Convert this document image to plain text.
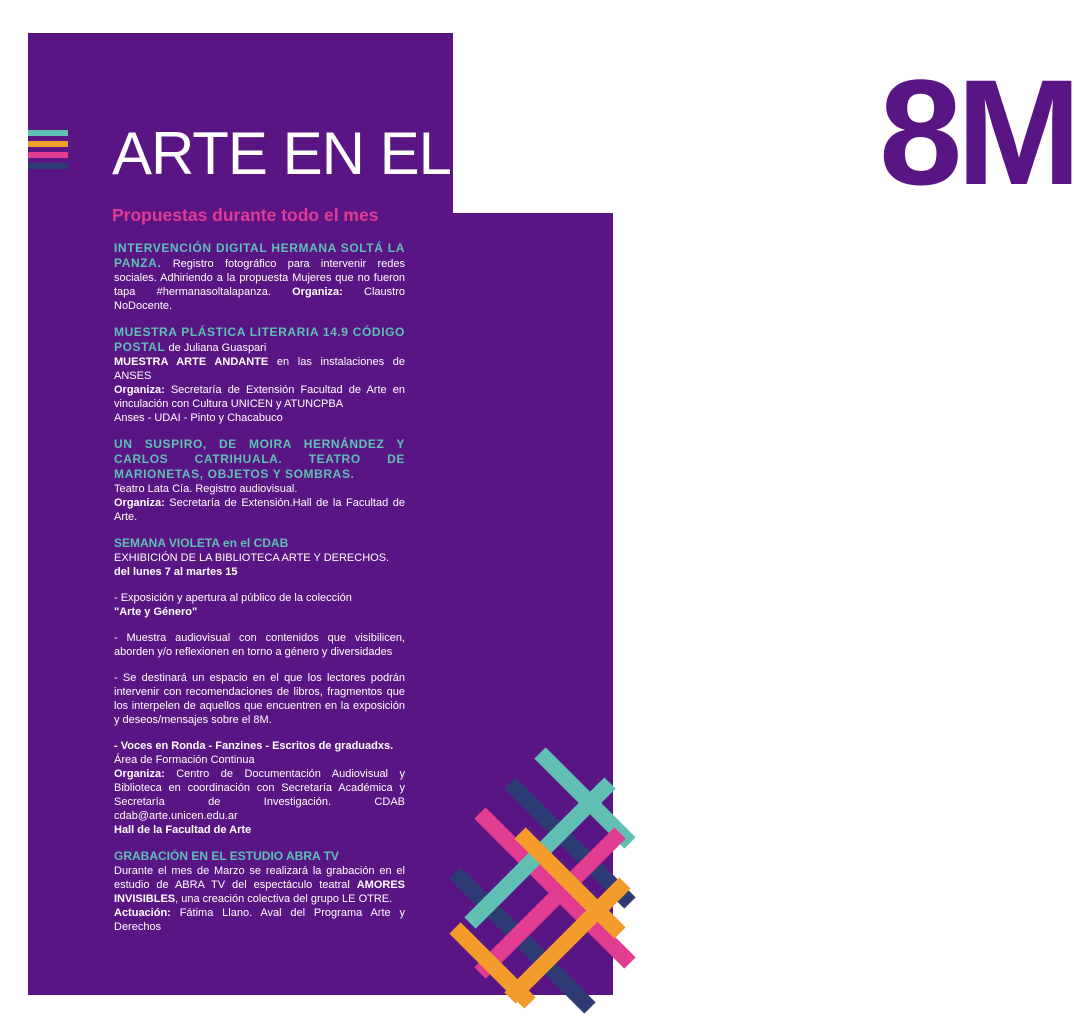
8M
ARTE EN EL
Propuestas durante todo el mes
INTERVENCIÓN DIGITAL HERMANA SOLTÁ LA PANZA. Registro fotográfico para intervenir redes sociales. Adhiriendo a la propuesta Mujeres que no fueron tapa #hermanasoltalapanza. Organiza: Claustro NoDocente.
MUESTRA PLÁSTICA LITERARIA 14.9 CÓDIGO POSTAL de Juliana Guaspari
MUESTRA ARTE ANDANTE en las instalaciones de ANSES
Organiza: Secretaría de Extensión Facultad de Arte en vinculación con Cultura UNICEN y ATUNCPBA
Anses - UDAI - Pinto y Chacabuco
UN SUSPIRO, DE MOIRA HERNÁNDEZ Y CARLOS CATRIHUALA. TEATRO DE MARIONETAS, OBJETOS Y SOMBRAS.
Teatro Lata Cía. Registro audiovisual.
Organiza: Secretaría de Extensión.Hall de la Facultad de Arte.
SEMANA VIOLETA en el CDAB
EXHIBICIÓN DE LA BIBLIOTECA ARTE Y DERECHOS.
del lunes 7 al martes 15

- Exposición y apertura al público de la colección
"Arte y Género"

- Muestra audiovisual con contenidos que visibilicen, aborden y/o reflexionen en torno a género y diversidades

- Se destinará un espacio en el que los lectores podrán intervenir con recomendaciones de libros, fragmentos que los interpelen de aquellos que encuentren en la exposición y deseos/mensajes sobre el 8M.

- Voces en Ronda - Fanzines - Escritos de graduadxs.
Área de Formación Continua
Organiza: Centro de Documentación Audiovisual y Biblioteca en coordinación con Secretaría Académica y Secretaría de Investigación. CDAB cdab@arte.unicen.edu.ar
Hall de la Facultad de Arte

GRABACIÓN EN EL ESTUDIO ABRA TV
Durante el mes de Marzo se realizará la grabación en el estudio de ABRA TV del espectáculo teatral AMORES INVISIBLES, una creación colectiva del grupo LE OTRE.
Actuación: Fátima Llano. Aval del Programa Arte y Derechos
